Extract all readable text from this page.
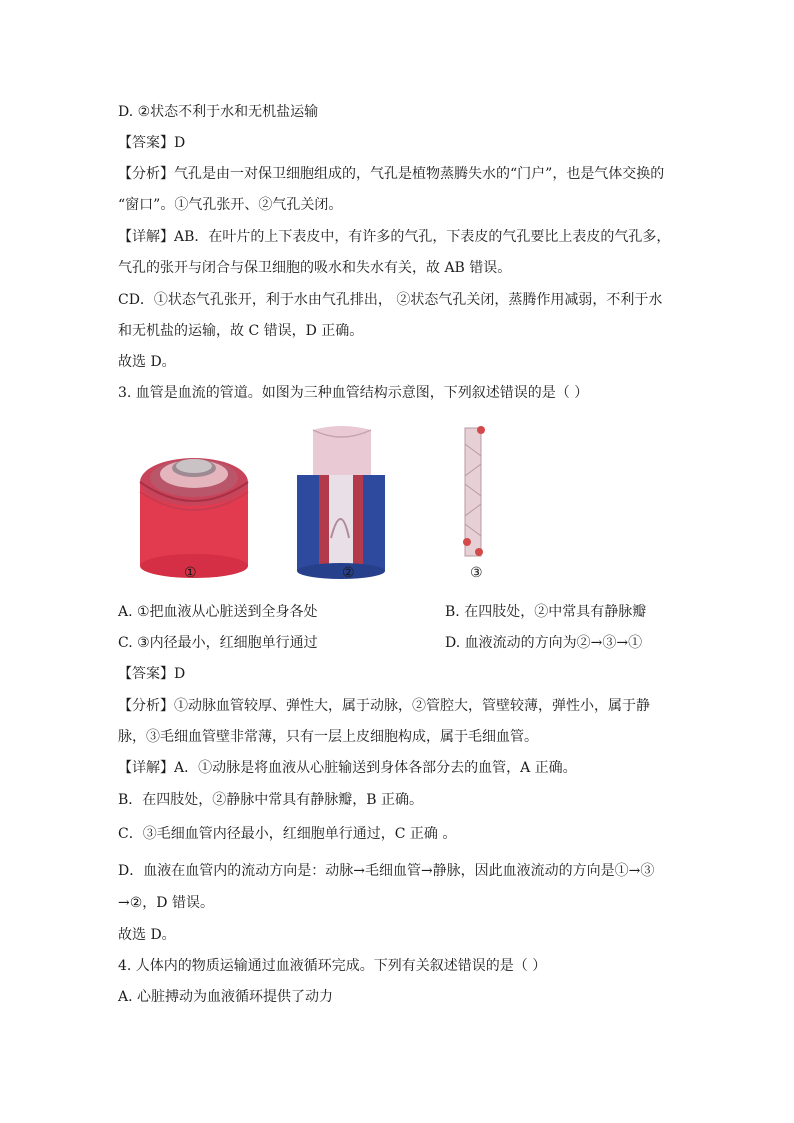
D. ②状态不利于水和无机盐运输
【答案】D
【分析】气孔是由一对保卫细胞组成的，气孔是植物蒸腾失水的“门户”，也是气体交换的
“窗口”。①气孔张开、②气孔关闭。
【详解】AB．在叶片的上下表皮中，有许多的气孔，下表皮的气孔要比上表皮的气孔多，
气孔的张开与闭合与保卫细胞的吸水和失水有关，故 AB 错误。
CD．①状态气孔张开，利于水由气孔排出， ②状态气孔关闭，蒸腾作用减弱，不利于水
和无机盐的运输，故 C 错误，D 正确。
故选 D。
3. 血管是血流的管道。如图为三种血管结构示意图，下列叙述错误的是（ ）
①	②	③
A. ①把血液从心脏送到全身各处	B. 在四肢处，②中常具有静脉瓣
C. ③内径最小，红细胞单行通过	D. 血液流动的方向为②→③→①
【答案】D
【分析】①动脉血管较厚、弹性大，属于动脉，②管腔大，管壁较薄，弹性小，属于静
脉，③毛细血管壁非常薄，只有一层上皮细胞构成，属于毛细血管。
【详解】A．①动脉是将血液从心脏输送到身体各部分去的血管，A 正确。
B．在四肢处，②静脉中常具有静脉瓣，B 正确。
C．③毛细血管内径最小，红细胞单行通过，C 正确 。
D．血液在血管内的流动方向是：动脉→毛细血管→静脉，因此血液流动的方向是①→③
→②，D 错误。
故选 D。
4. 人体内的物质运输通过血液循环完成。下列有关叙述错误的是（ ）
A. 心脏搏动为血液循环提供了动力
